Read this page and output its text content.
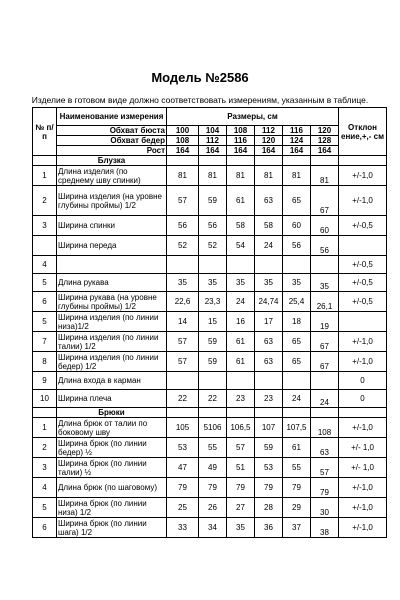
Модель №2586
Изделие в готовом виде должно соответствовать измерениям, указанным в таблице.
№ п/п	Наименование измерения	Размеры, см						Отклон ение,+,- см
	Обхват бюста	100	104	108	112	116	120	
	Обхват бедер	108	112	116	120	124	128	
	Рост	164	164	164	164	164	164	
	Блузка							
1	Длина изделия (по среднему шву спинки)	81	81	81	81	81	81	+/-1,0
2	Ширина изделия (на уровне глубины проймы) 1/2	57	59	61	63	65	67	+/-1,0
3	Ширина спинки	56	56	58	58	60	60	+/-0,5
	Ширина переда	52	52	54	24	56	56	
4								+/-0,5
5	Длина рукава	35	35	35	35	35	35	+/-0,5
6	Ширина рукава (на уровне глубины проймы) 1/2	22,6	23,3	24	24,74	25,4	26,1	+/-0,5
5	Ширина изделия (по линии низа)1/2	14	15	16	17	18	19	
7	Ширина изделия (по линии талии) 1/2	57	59	61	63	65	67	+/-1,0
8	Ширина изделия (по линии бедер) 1/2	57	59	61	63	65	67	+/-1,0
9	Длина входа в карман							0
10	Ширина плеча	22	22	23	23	24	24	0
	Брюки							
1	Длина брюк от талии по боковому шву	105	5106	106,5	107	107,5	108	+/-1,0
2	Ширина брюк (по линии бедер) ½	53	55	57	59	61	63	+/- 1,0
3	Ширина брюк (по линии талии) ½	47	49	51	53	55	57	+/- 1,0
4	Длина брюк (по шаговому)	79	79	79	79	79	79	+/-1,0
5	Ширина брюк (по линии низа) 1/2	25	26	27	28	29	30	+/-1,0
6	Ширина брюк (по линии шага) 1/2	33	34	35	36	37	38	+/-1,0
